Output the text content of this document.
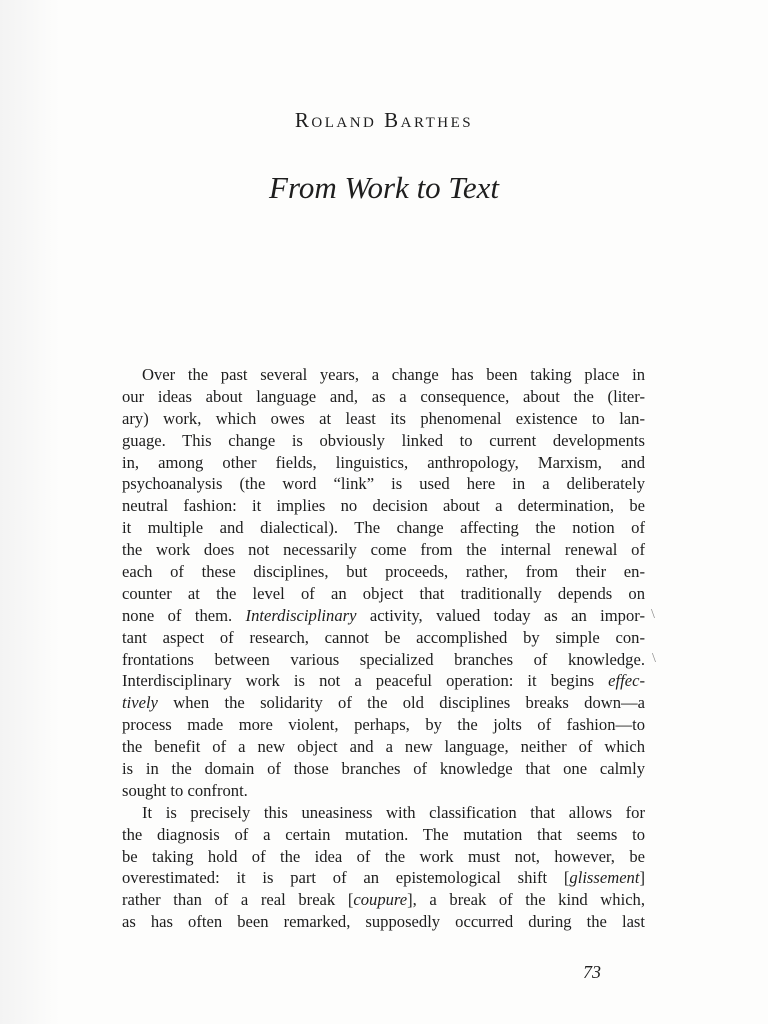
Roland Barthes
From Work to Text
Over the past several years, a change has been taking place in
our ideas about language and, as a consequence, about the (liter-
ary) work, which owes at least its phenomenal existence to lan-
guage. This change is obviously linked to current developments
in, among other fields, linguistics, anthropology, Marxism, and
psychoanalysis (the word “link” is used here in a deliberately
neutral fashion: it implies no decision about a determination, be
it multiple and dialectical). The change affecting the notion of
the work does not necessarily come from the internal renewal of
each of these disciplines, but proceeds, rather, from their en-
counter at the level of an object that traditionally depends on
none of them. Interdisciplinary activity, valued today as an impor-
tant aspect of research, cannot be accomplished by simple con-
frontations between various specialized branches of knowledge.
Interdisciplinary work is not a peaceful operation: it begins effec-
tively when the solidarity of the old disciplines breaks down—a
process made more violent, perhaps, by the jolts of fashion—to
the benefit of a new object and a new language, neither of which
is in the domain of those branches of knowledge that one calmly
sought to confront.
It is precisely this uneasiness with classification that allows for
the diagnosis of a certain mutation. The mutation that seems to
be taking hold of the idea of the work must not, however, be
overestimated: it is part of an epistemological shift [glissement]
rather than of a real break [coupure], a break of the kind which,
as has often been remarked, supposedly occurred during the last
\
\
73
